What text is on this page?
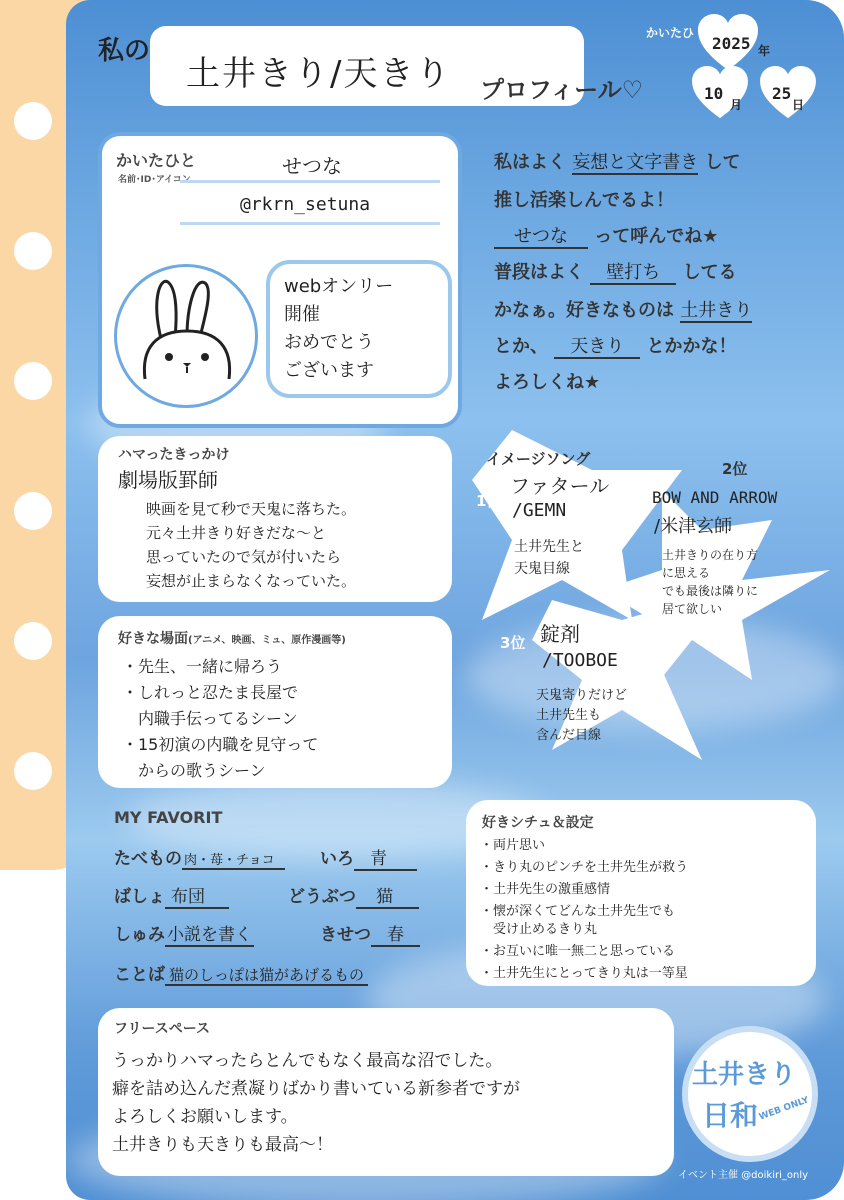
私の
土井きり/天きり プロフィール♡
かいたひ
2025 年
10
月
25
日
かいたひと
名前･ID･アイコン
せつな
@rkrn_setuna
webオンリー
開催
おめでとう
ございます
私はよく 妄想と文字書き して
推し活楽しんでるよ！
せつな って呼んでね★
普段はよく 壁打ち してる
かなぁ。好きなものは 土井きり
とか、 天きり とかかな！
よろしくね★
ハマったきっかけ
劇場版罫師
映画を見て秒で天鬼に落ちた。
元々土井きり好きだな〜と
思っていたので気が付いたら
妄想が止まらなくなっていた。
好きな場面(アニメ、映画、ミュ、原作漫画等)
・先生、一緒に帰ろう
・しれっと忍たま長屋で
　内職手伝ってるシーン
・15初演の内職を見守って
　からの歌うシーン
イメージソング
1位
ファタール
/GEMN
土井先生と
天鬼目線
2位
BOW AND ARROW
/米津玄師
土井きりの在り方
に思える
でも最後は隣りに
居て欲しい
3位 錠剤
/TOOBOE
天鬼寄りだけど
土井先生も
含んだ目線
MY FAVORIT
たべもの 肉・苺・チョコ	いろ 青
ばしょ 布団	どうぶつ 猫
しゅみ 小説を書く	きせつ 春
ことば 猫のしっぽは猫があげるもの
好きシチュ＆設定
・両片思い
・きり丸のピンチを土井先生が救う
・土井先生の激重感情
・懐が深くてどんな土井先生でも
　受け止めるきり丸
・お互いに唯一無二と思っている
・土井先生にとってきり丸は一等星
フリースペース
うっかりハマったらとんでもなく最高な沼でした。
癖を詰め込んだ煮凝りばかり書いている新参者ですが
よろしくお願いします。
土井きりも天きりも最高〜！
土井きり
日和 WEB ONLY
イベント主催 @doikiri_only
